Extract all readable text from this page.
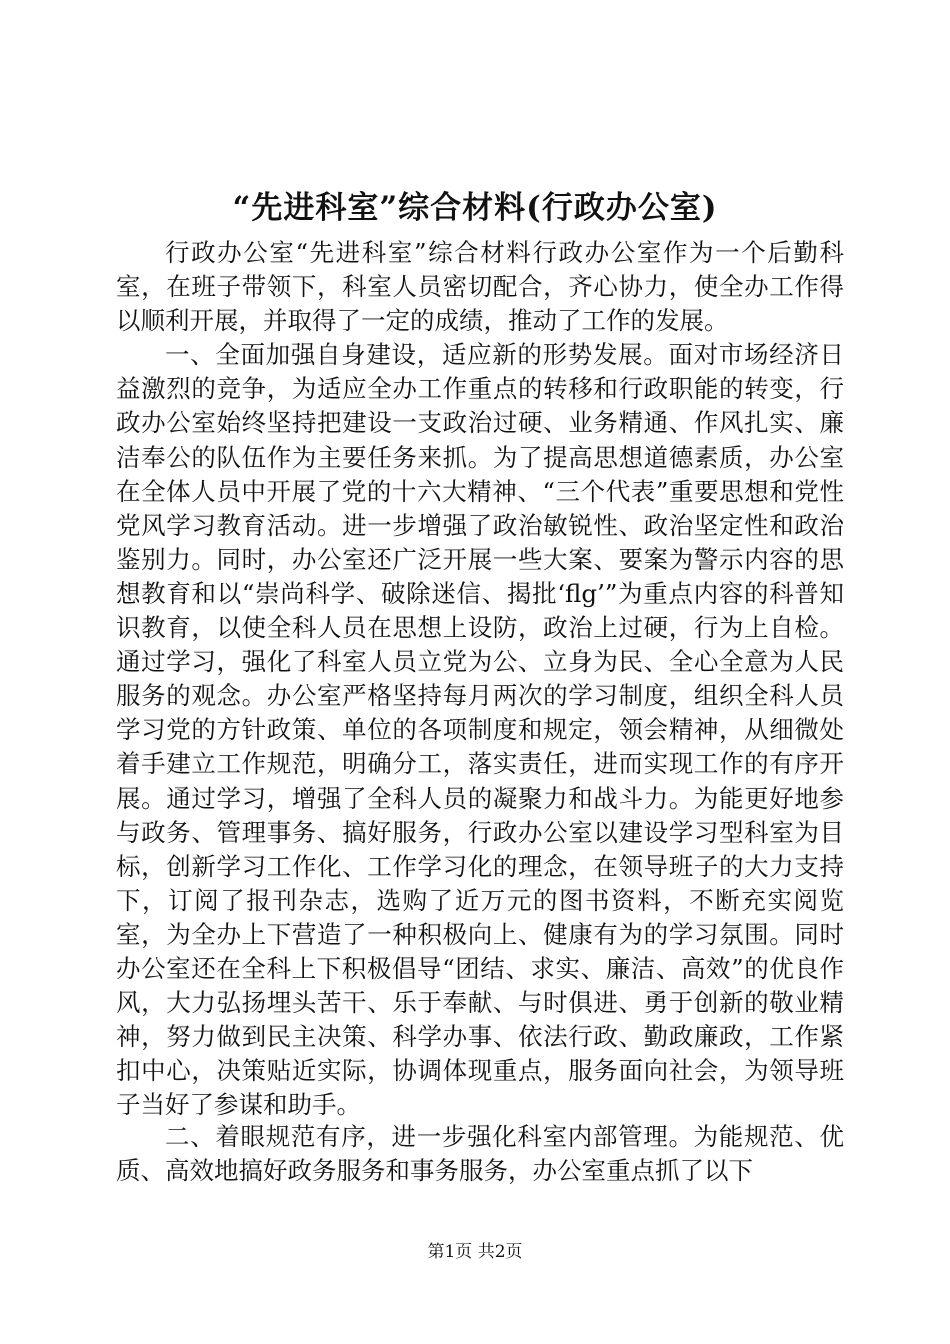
“先进科室”综合材料(行政办公室)

行政办公室“先进科室”综合材料行政办公室作为一个后勤科室，在班子带领下，科室人员密切配合，齐心协力，使全办工作得以顺利开展，并取得了一定的成绩，推动了工作的发展。

一、全面加强自身建设，适应新的形势发展。面对市场经济日益激烈的竞争，为适应全办工作重点的转移和行政职能的转变，行政办公室始终坚持把建设一支政治过硬、业务精通、作风扎实、廉洁奉公的队伍作为主要任务来抓。为了提高思想道德素质，办公室在全体人员中开展了党的十六大精神、“三个代表”重要思想和党性党风学习教育活动。进一步增强了政治敏锐性、政治坚定性和政治鉴别力。同时，办公室还广泛开展一些大案、要案为警示内容的思想教育和以“崇尚科学、破除迷信、揭批‘flg’”为重点内容的科普知识教育，以使全科人员在思想上设防，政治上过硬，行为上自检。通过学习，强化了科室人员立党为公、立身为民、全心全意为人民服务的观念。办公室严格坚持每月两次的学习制度，组织全科人员学习党的方针政策、单位的各项制度和规定，领会精神，从细微处着手建立工作规范，明确分工，落实责任，进而实现工作的有序开展。通过学习，增强了全科人员的凝聚力和战斗力。为能更好地参与政务、管理事务、搞好服务，行政办公室以建设学习型科室为目标，创新学习工作化、工作学习化的理念，在领导班子的大力支持下，订阅了报刊杂志，选购了近万元的图书资料，不断充实阅览室，为全办上下营造了一种积极向上、健康有为的学习氛围。同时办公室还在全科上下积极倡导“团结、求实、廉洁、高效”的优良作风，大力弘扬埋头苦干、乐于奉献、与时俱进、勇于创新的敬业精神，努力做到民主决策、科学办事、依法行政、勤政廉政，工作紧扣中心，决策贴近实际，协调体现重点，服务面向社会，为领导班子当好了参谋和助手。

二、着眼规范有序，进一步强化科室内部管理。为能规范、优质、高效地搞好政务服务和事务服务，办公室重点抓了以下

第1页 共2页
